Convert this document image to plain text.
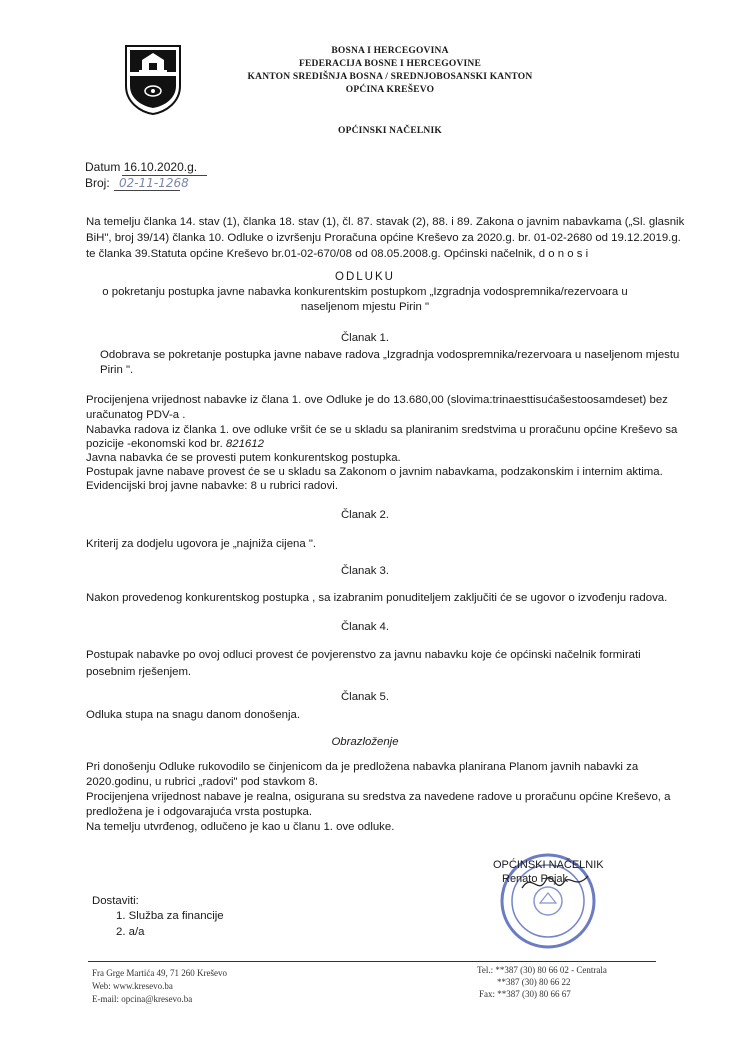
BOSNA I HERCEGOVINA
FEDERACIJA BOSNE I HERCEGOVINE
KANTON SREDIŠNJA BOSNA / SREDNJOBOSANSKI KANTON
OPĆINA KREŠEVO
OPĆINSKI NAČELNIK
Datum 16.10.2020.g.
Broj: 02-11-1268
Na temelju članka 14. stav (1), članka 18. stav (1), čl. 87. stavak (2), 88. i 89. Zakona o javnim nabavkama („Sl. glasnik
BiH", broj 39/14) članka 10. Odluke o izvršenju Proračuna općine Kreševo za 2020.g. br. 01-02-2680 od 19.12.2019.g.
te članka 39.Statuta općine Kreševo br.01-02-670/08 od 08.05.2008.g. Općinski načelnik, d o n o s i
ODLUKU
o pokretanju postupka javne nabavka konkurentskim postupkom „Izgradnja vodospremnika/rezervoara u
naseljenom mjestu Pirin "
Članak 1.
Odobrava se pokretanje postupka javne nabave radova „Izgradnja vodospremnika/rezervoara u naseljenom mjestu
Pirin ".
Procijenjena vrijednost nabavke iz člana 1. ove Odluke je do 13.680,00 (slovima:trinaesttisućašestoosamdeset) bez
uračunatog PDV-a .
Nabavka radova iz članka 1. ove odluke vršit će se u skladu sa planiranim sredstvima u proračunu općine Kreševo sa
pozicije -ekonomski kod br. 821612
Javna nabavka će se provesti putem konkurentskog postupka.
Postupak javne nabave provest će se u skladu sa Zakonom o javnim nabavkama, podzakonskim i internim aktima.
Evidencijski broj javne nabavke: 8 u rubrici radovi.
Članak 2.
Kriterij za dodjelu ugovora je „najniža cijena ".
Članak 3.
Nakon provedenog konkurentskog postupka , sa izabranim ponuditeljem zaključiti će se ugovor o izvođenju radova.
Članak 4.
Postupak nabavke po ovoj odluci provest će povjerenstvo za javnu nabavku koje će općinski načelnik formirati
posebnim rješenjem.
Članak 5.
Odluka stupa na snagu danom donošenja.
Obrazloženje
Pri donošenju Odluke rukovodilo se činjenicom da je predložena nabavka planirana Planom javnih nabavki za
2020.godinu, u rubrici „radovi" pod stavkom 8.
Procijenjena vrijednost nabave je realna, osigurana su sredstva za navedene radove u proračunu općine Kreševo, a
predložena je i odgovarajuća vrsta postupka.
Na temelju utvrđenog, odlučeno je kao u članu 1. ove odluke.
OPĆINSKI NAČELNIK
Renato Pejak
Dostaviti:
1. Služba za financije
2. a/a
Fra Grge Martića 49, 71 260 Kreševo
Web: www.kresevo.ba
E-mail: opcina@kresevo.ba
Tel.: **387 (30) 80 66 02 - Centrala
**387 (30) 80 66 22
Fax: **387 (30) 80 66 67
